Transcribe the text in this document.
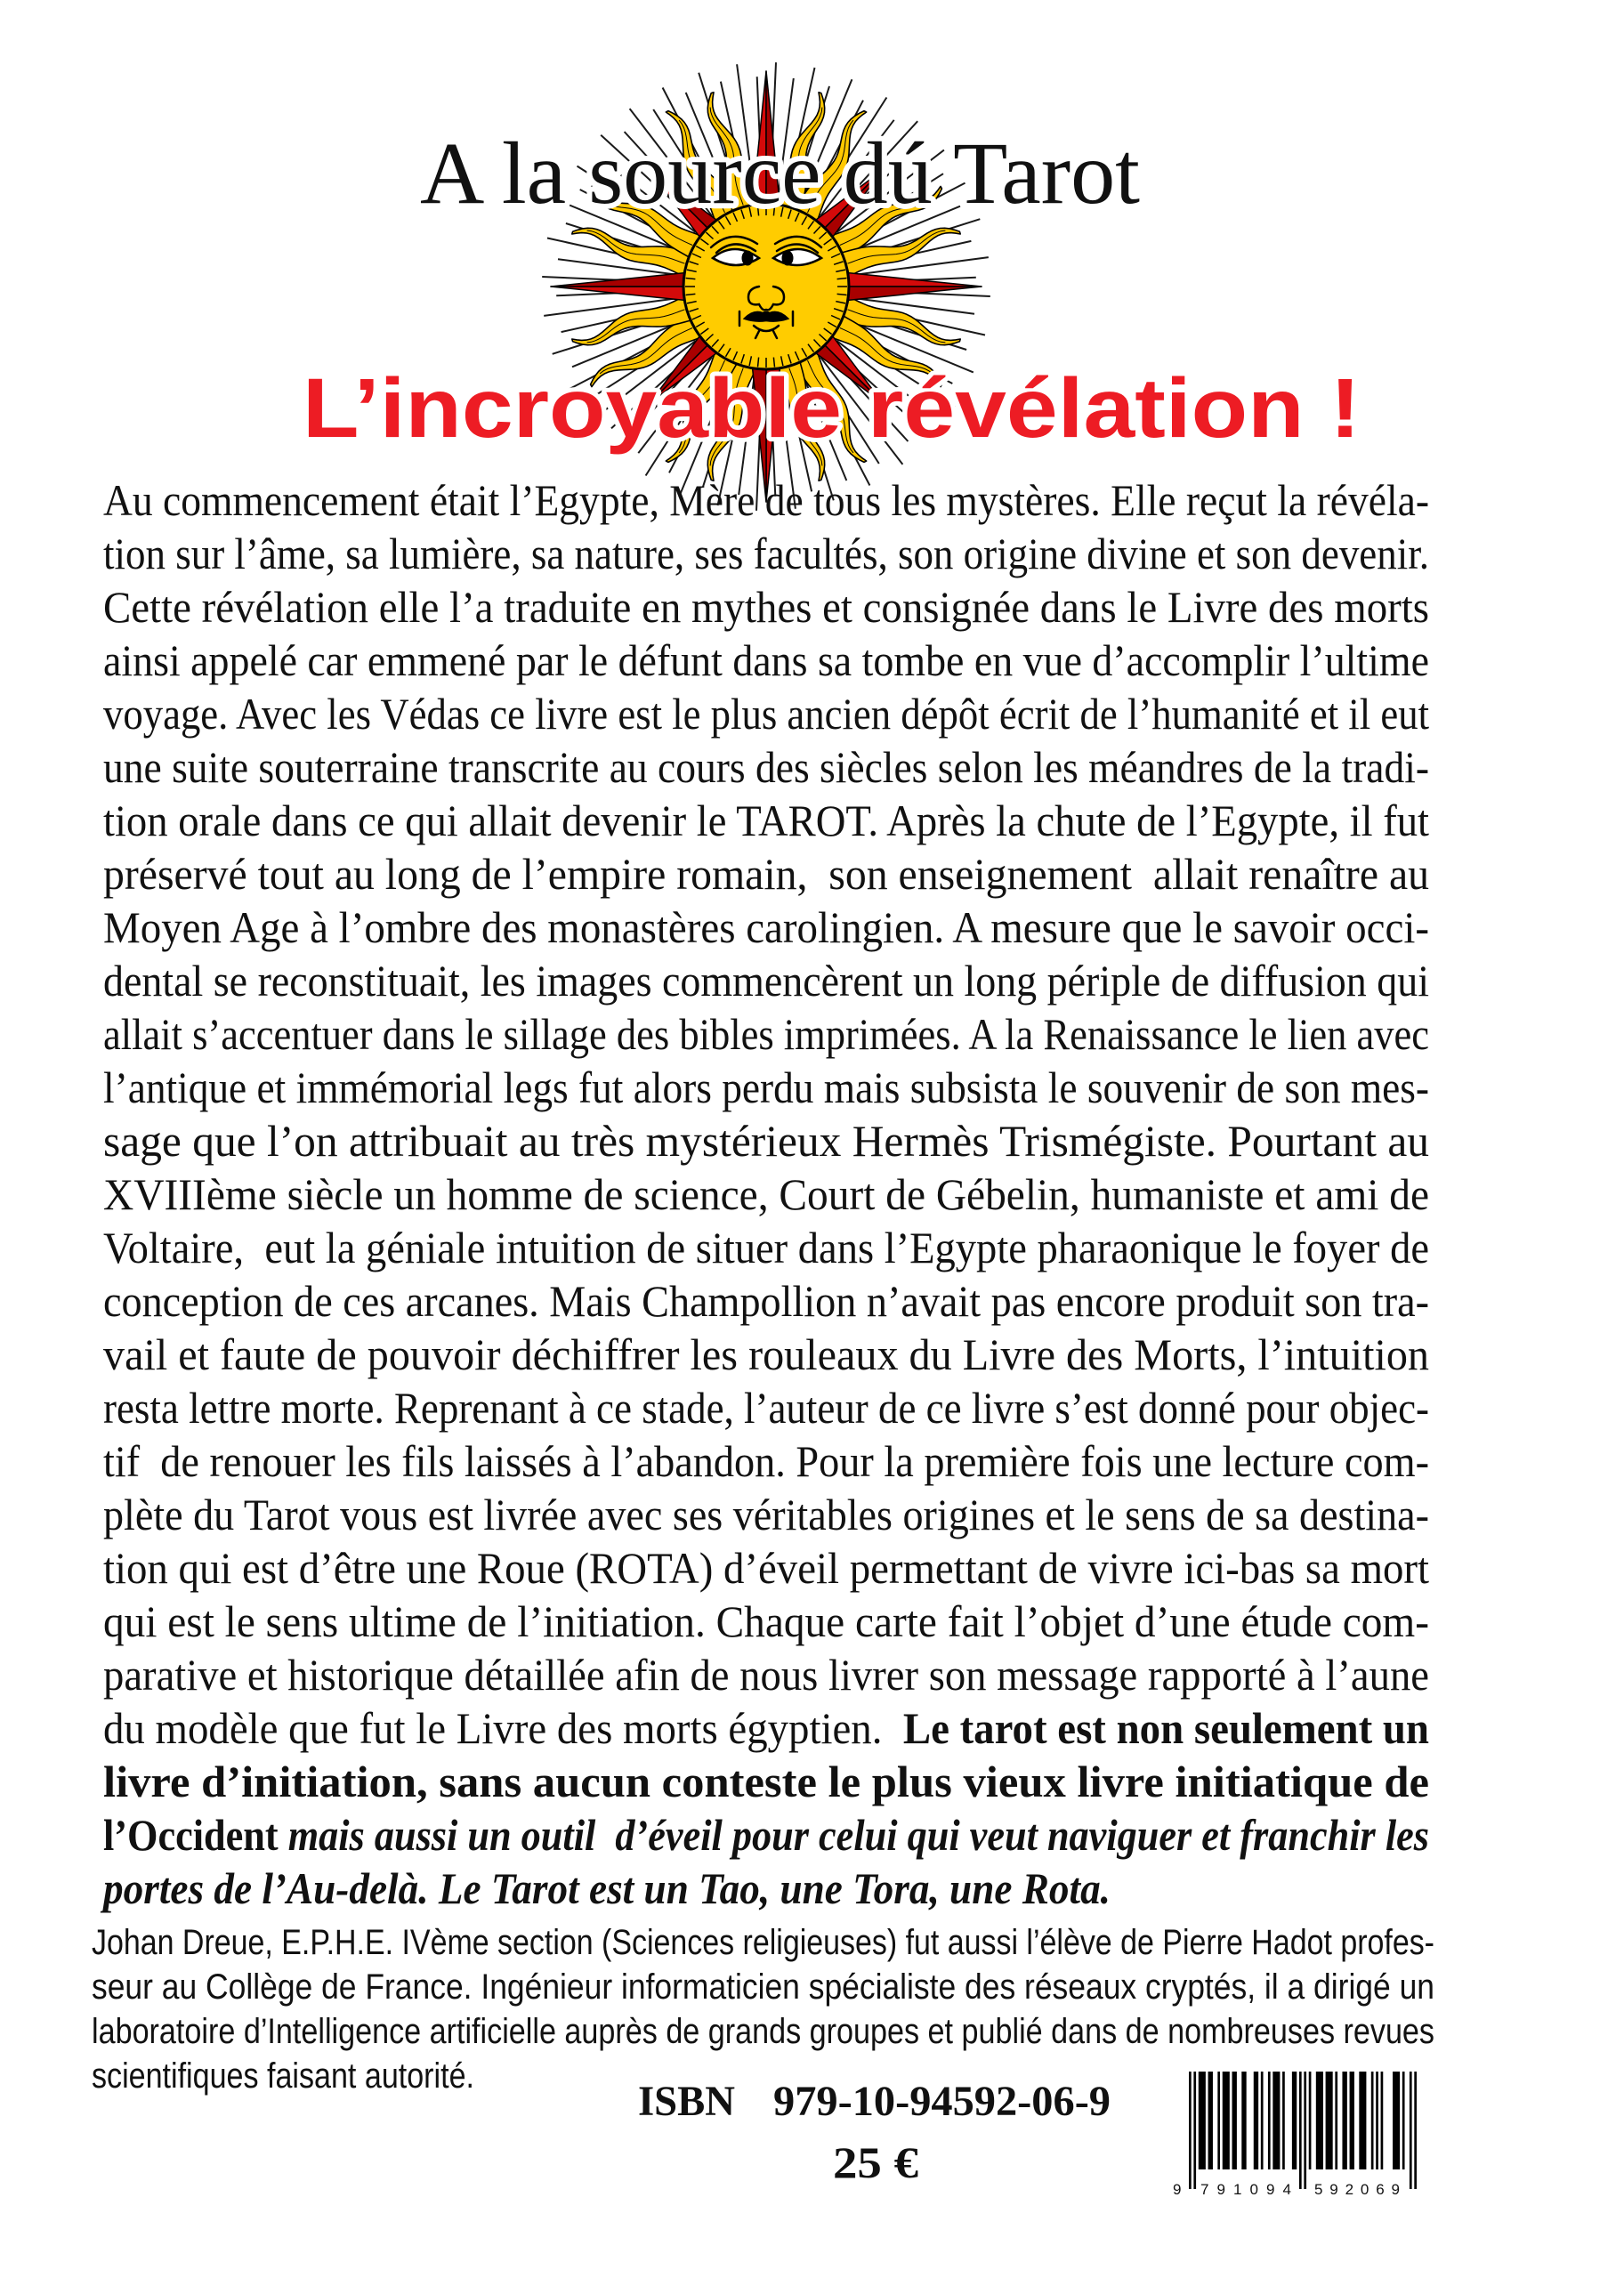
A la source dú Tarot
L’incroyable révélation !
Au commencement était l’Egypte, Mère de tous les mystères. Elle reçut la révéla-
tion sur l’âme, sa lumière, sa nature, ses facultés, son origine divine et son devenir.
Cette révélation elle l’a traduite en mythes et consignée dans le Livre des morts
ainsi appelé car emmené par le défunt dans sa tombe en vue d’accomplir l’ultime
voyage. Avec les Védas ce livre est le plus ancien dépôt écrit de l’humanité et il eut
une suite souterraine transcrite au cours des siècles selon les méandres de la tradi-
tion orale dans ce qui allait devenir le TAROT. Après la chute de l’Egypte, il fut
préservé tout au long de l’empire romain,  son enseignement  allait renaître au
Moyen Age à l’ombre des monastères carolingien. A mesure que le savoir occi-
dental se reconstituait, les images commencèrent un long périple de diffusion qui
allait s’accentuer dans le sillage des bibles imprimées. A la Renaissance le lien avec
l’antique et immémorial legs fut alors perdu mais subsista le souvenir de son mes-
sage que l’on attribuait au très mystérieux Hermès Trismégiste. Pourtant au
XVIIIème siècle un homme de science, Court de Gébelin, humaniste et ami de
Voltaire,  eut la géniale intuition de situer dans l’Egypte pharaonique le foyer de
conception de ces arcanes. Mais Champollion n’avait pas encore produit son tra-
vail et faute de pouvoir déchiffrer les rouleaux du Livre des Morts, l’intuition
resta lettre morte. Reprenant à ce stade, l’auteur de ce livre s’est donné pour objec-
tif  de renouer les fils laissés à l’abandon. Pour la première fois une lecture com-
plète du Tarot vous est livrée avec ses véritables origines et le sens de sa destina-
tion qui est d’être une Roue (ROTA) d’éveil permettant de vivre ici-bas sa mort
qui est le sens ultime de l’initiation. Chaque carte fait l’objet d’une étude com-
parative et historique détaillée afin de nous livrer son message rapporté à l’aune
du modèle que fut le Livre des morts égyptien.  Le tarot est non seulement un
livre d’initiation, sans aucun conteste le plus vieux livre initiatique de
l’Occident mais aussi un outil  d’éveil pour celui qui veut naviguer et franchir les
portes de l’Au-delà. Le Tarot est un Tao, une Tora, une Rota.
Johan Dreue, E.P.H.E. IVème section (Sciences religieuses) fut aussi l’élève de Pierre Hadot profes-
seur au Collège de France. Ingénieur informaticien spécialiste des réseaux cryptés, il a dirigé un
laboratoire d’Intelligence artificielle auprès de grands groupes et publié dans de nombreuses revues
scientifiques faisant autorité.
ISBN 979-10-94592-06-9
25 €
9 791094 592069
